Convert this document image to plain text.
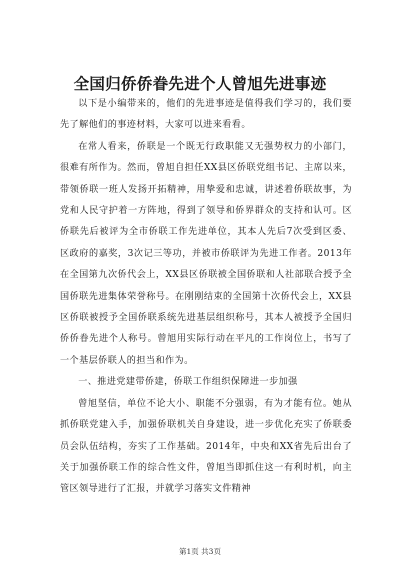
全国归侨侨眷先进个人曾旭先进事迹

以下是小编带来的，他们的先进事迹是值得我们学习的，我们要先了解他们的事迹材料，大家可以进来看看。

在常人看来，侨联是一个既无行政职能又无强势权力的小部门，很难有所作为。然而，曾旭自担任XX县区侨联党组书记、主席以来，带领侨联一班人发扬开拓精神，用挚爱和忠诚，讲述着侨联故事，为党和人民守护着一方阵地，得到了领导和侨界群众的支持和认可。区侨联先后被评为全市侨联工作先进单位，其本人先后7次受到区委、区政府的嘉奖，3次记三等功，并被市侨联评为先进工作者。2013年在全国第九次侨代会上，XX县区侨联被全国侨联和人社部联合授予全国侨联先进集体荣誉称号。在刚刚结束的全国第十次侨代会上，XX县区侨联被授予全国侨联系统先进基层组织称号，其本人被授予全国归侨侨眷先进个人称号。曾旭用实际行动在平凡的工作岗位上，书写了一个基层侨联人的担当和作为。

一、推进党建带侨建，侨联工作组织保障进一步加强

曾旭坚信，单位不论大小、职能不分强弱，有为才能有位。她从抓侨联党建入手，加强侨联机关自身建设，进一步优化充实了侨联委员会队伍结构，夯实了工作基础。2014年，中央和XX省先后出台了关于加强侨联工作的综合性文件，曾旭当即抓住这一有利时机，向主管区领导进行了汇报，并就学习落实文件精神

第1页 共3页
